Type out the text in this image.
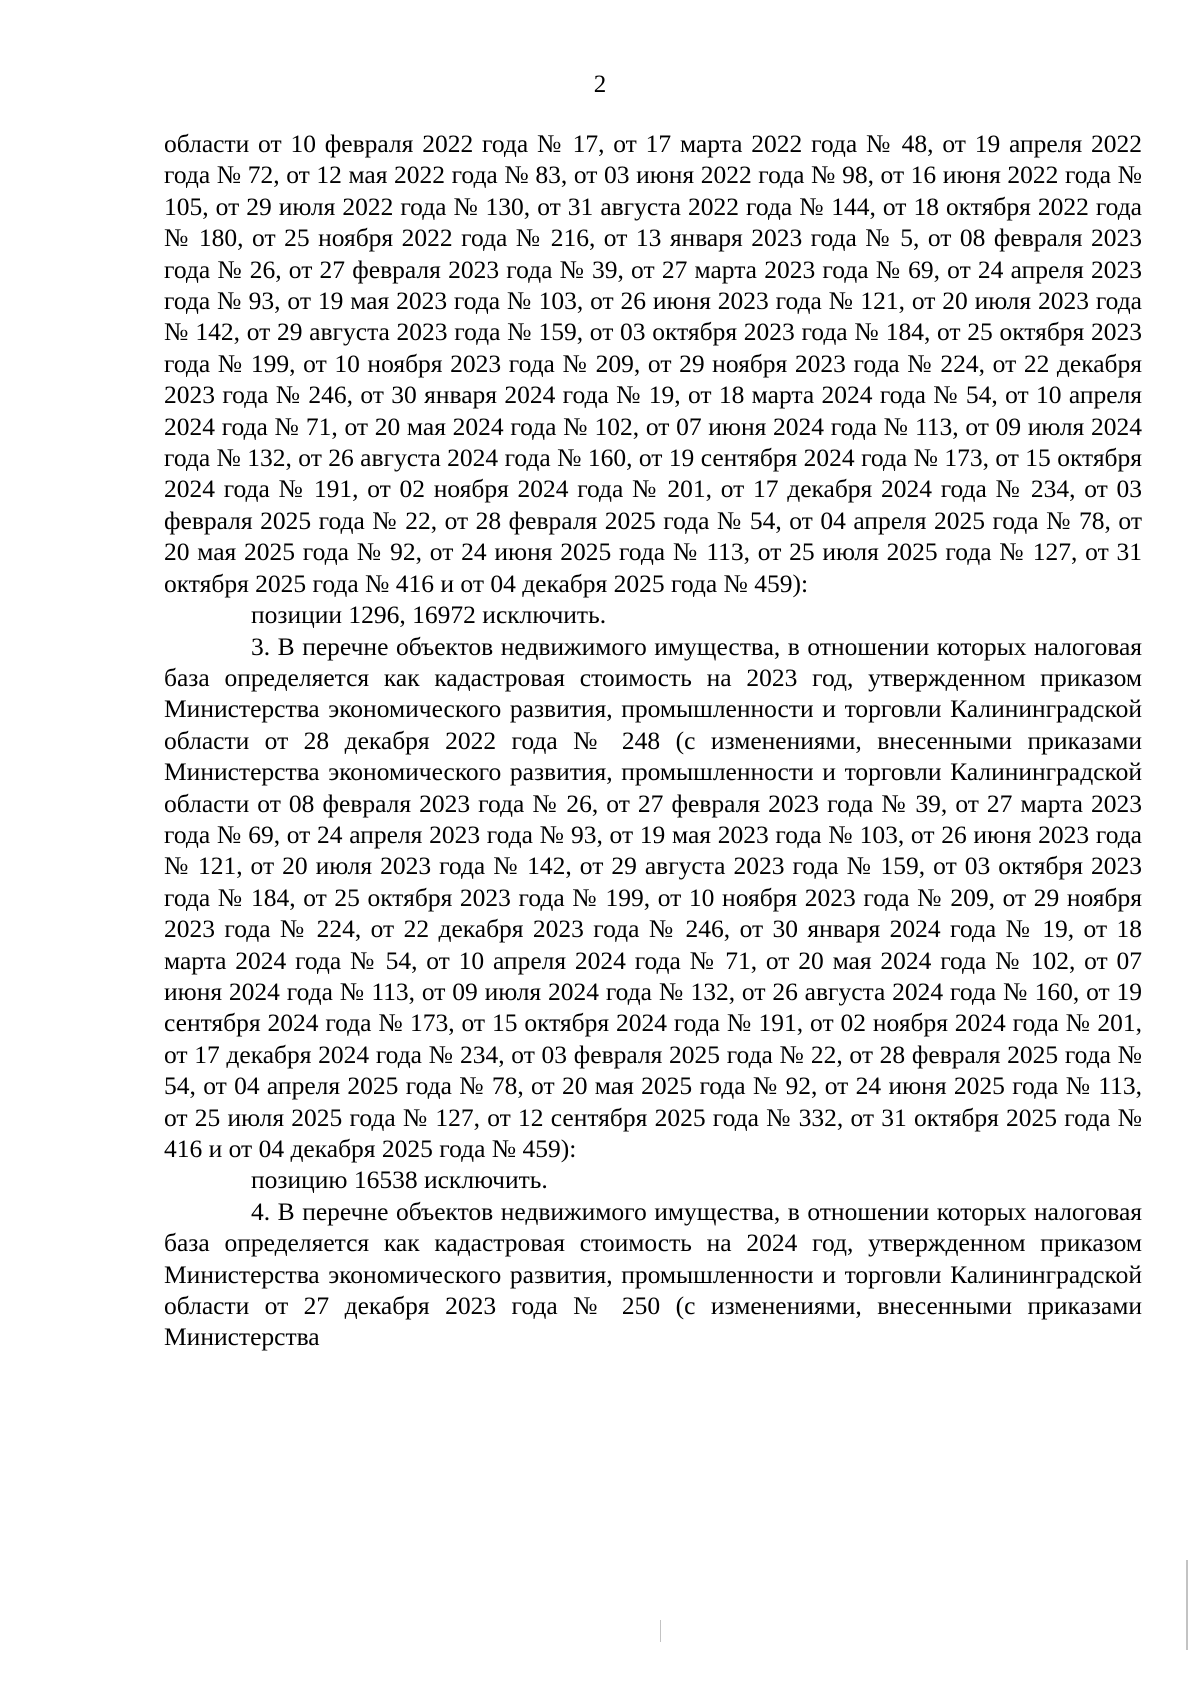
2

области от 10 февраля 2022 года № 17, от 17 марта 2022 года № 48, от 19 апреля 2022 года № 72, от 12 мая 2022 года № 83, от 03 июня 2022 года № 98, от 16 июня 2022 года № 105, от 29 июля 2022 года № 130, от 31 августа 2022 года № 144, от 18 октября 2022 года № 180, от 25 ноября 2022 года № 216, от 13 января 2023 года № 5, от 08 февраля 2023 года № 26, от 27 февраля 2023 года № 39, от 27 марта 2023 года № 69, от 24 апреля 2023 года № 93, от 19 мая 2023 года № 103, от 26 июня 2023 года № 121, от 20 июля 2023 года № 142, от 29 августа 2023 года № 159, от 03 октября 2023 года № 184, от 25 октября 2023 года № 199, от 10 ноября 2023 года № 209, от 29 ноября 2023 года № 224, от 22 декабря 2023 года № 246, от 30 января 2024 года № 19, от 18 марта 2024 года № 54, от 10 апреля 2024 года № 71, от 20 мая 2024 года № 102, от 07 июня 2024 года № 113, от 09 июля 2024 года № 132, от 26 августа 2024 года № 160, от 19 сентября 2024 года № 173, от 15 октября 2024 года № 191, от 02 ноября 2024 года № 201, от 17 декабря 2024 года № 234, от 03 февраля 2025 года № 22, от 28 февраля 2025 года № 54, от 04 апреля 2025 года № 78, от 20 мая 2025 года № 92, от 24 июня 2025 года № 113, от 25 июля 2025 года № 127, от 31 октября 2025 года № 416 и от 04 декабря 2025 года № 459):

позиции 1296, 16972 исключить.

3. В перечне объектов недвижимого имущества, в отношении которых налоговая база определяется как кадастровая стоимость на 2023 год, утвержденном приказом Министерства экономического развития, промышленности и торговли Калининградской области от 28 декабря 2022 года № 248 (с изменениями, внесенными приказами Министерства экономического развития, промышленности и торговли Калининградской области от 08 февраля 2023 года № 26, от 27 февраля 2023 года № 39, от 27 марта 2023 года № 69, от 24 апреля 2023 года № 93, от 19 мая 2023 года № 103, от 26 июня 2023 года № 121, от 20 июля 2023 года № 142, от 29 августа 2023 года № 159, от 03 октября 2023 года № 184, от 25 октября 2023 года № 199, от 10 ноября 2023 года № 209, от 29 ноября 2023 года № 224, от 22 декабря 2023 года № 246, от 30 января 2024 года № 19, от 18 марта 2024 года № 54, от 10 апреля 2024 года № 71, от 20 мая 2024 года № 102, от 07 июня 2024 года № 113, от 09 июля 2024 года № 132, от 26 августа 2024 года № 160, от 19 сентября 2024 года № 173, от 15 октября 2024 года № 191, от 02 ноября 2024 года № 201, от 17 декабря 2024 года № 234, от 03 февраля 2025 года № 22, от 28 февраля 2025 года № 54, от 04 апреля 2025 года № 78, от 20 мая 2025 года № 92, от 24 июня 2025 года № 113, от 25 июля 2025 года № 127, от 12 сентября 2025 года № 332, от 31 октября 2025 года № 416 и от 04 декабря 2025 года № 459):

позицию 16538 исключить.

4. В перечне объектов недвижимого имущества, в отношении которых налоговая база определяется как кадастровая стоимость на 2024 год, утвержденном приказом Министерства экономического развития, промышленности и торговли Калининградской области от 27 декабря 2023 года № 250 (с изменениями, внесенными приказами Министерства
